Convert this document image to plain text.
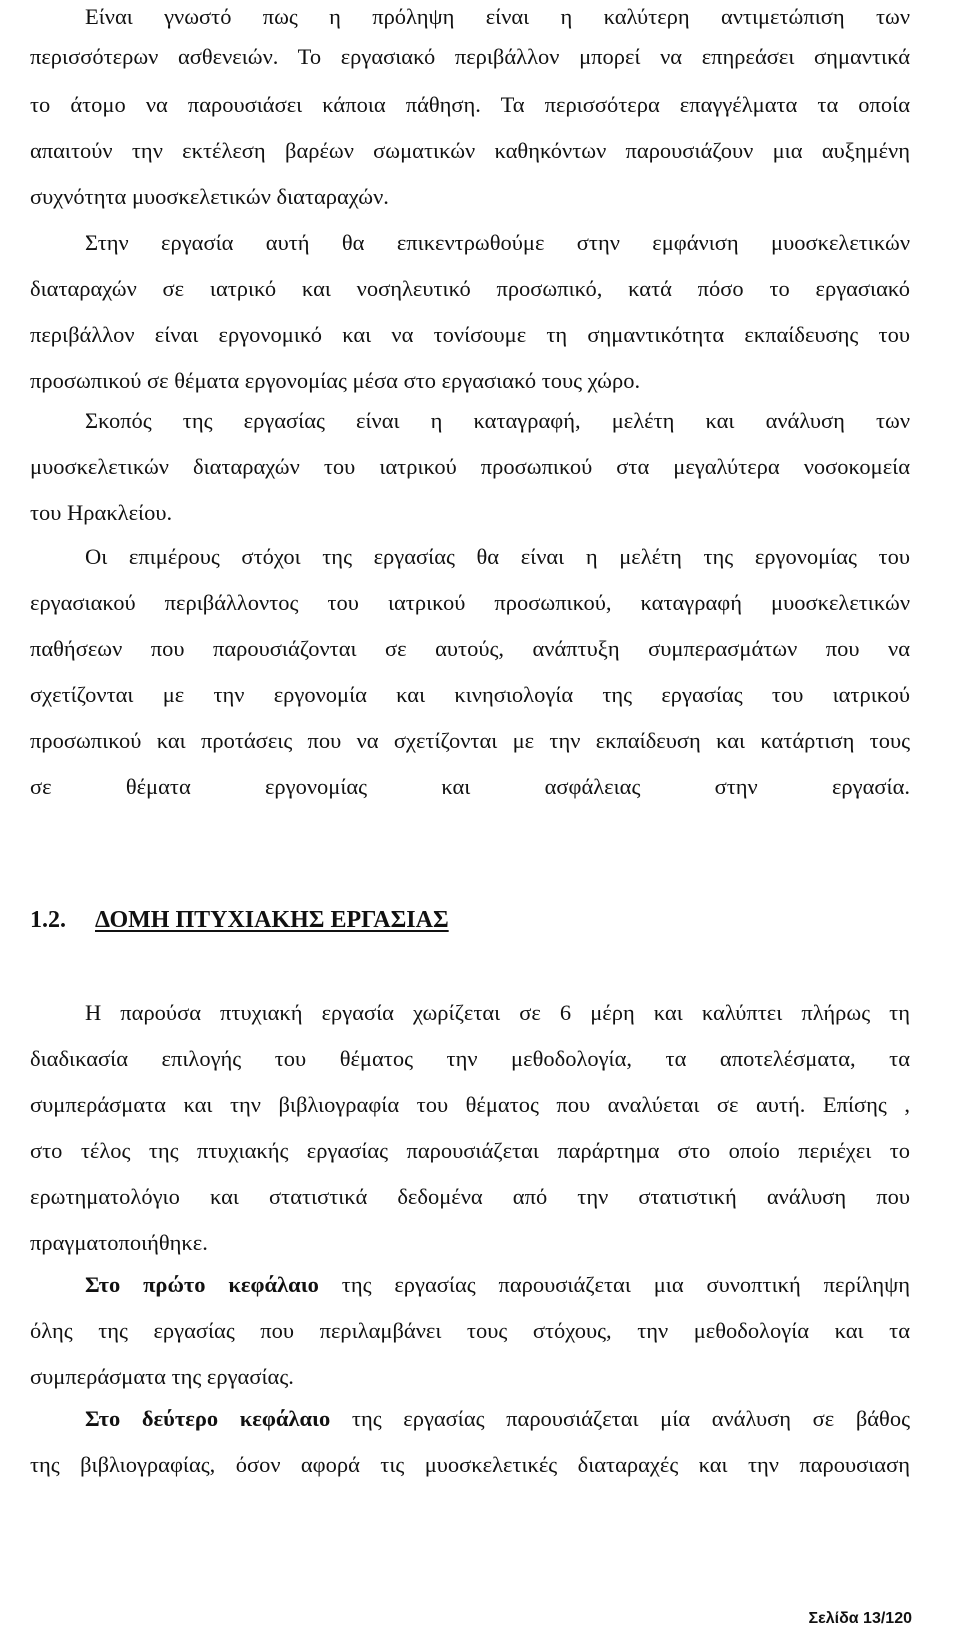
Είναι γνωστό πως η πρόληψη είναι η καλύτερη αντιμετώπιση των
περισσότερων ασθενειών. Το εργασιακό περιβάλλον μπορεί να επηρεάσει σημαντικά
το άτομο να παρουσιάσει κάποια πάθηση. Τα περισσότερα επαγγέλματα τα οποία
απαιτούν την εκτέλεση βαρέων σωματικών καθηκόντων παρουσιάζουν μια αυξημένη
συχνότητα μυοσκελετικών διαταραχών.
Στην εργασία αυτή θα επικεντρωθούμε στην εμφάνιση μυοσκελετικών
διαταραχών σε ιατρικό και νοσηλευτικό προσωπικό, κατά πόσο το εργασιακό
περιβάλλον είναι εργονομικό και να τονίσουμε τη σημαντικότητα εκπαίδευσης του
προσωπικού σε θέματα εργονομίας μέσα στο εργασιακό τους χώρο.
Σκοπός της εργασίας είναι η καταγραφή, μελέτη και ανάλυση των
μυοσκελετικών διαταραχών του ιατρικού προσωπικού στα μεγαλύτερα νοσοκομεία
του Ηρακλείου.
Οι επιμέρους στόχοι της εργασίας θα είναι η μελέτη της εργονομίας του
εργασιακού περιβάλλοντος του ιατρικού προσωπικού, καταγραφή μυοσκελετικών
παθήσεων που παρουσιάζονται σε αυτούς, ανάπτυξη συμπερασμάτων που να
σχετίζονται με την εργονομία και κινησιολογία της εργασίας του ιατρικού
προσωπικού και προτάσεις που να σχετίζονται με την εκπαίδευση και κατάρτιση τους
σε θέματα εργονομίας και ασφάλειας στην εργασία.
Η παρούσα πτυχιακή εργασία χωρίζεται σε 6 μέρη και καλύπτει πλήρως τη
διαδικασία επιλογής του θέματος την μεθοδολογία, τα αποτελέσματα, τα
συμπεράσματα και την βιβλιογραφία του θέματος που αναλύεται σε αυτή. Επίσης ,
στο τέλος της πτυχιακής εργασίας παρουσιάζεται παράρτημα στο οποίο περιέχει το
ερωτηματολόγιο και στατιστικά δεδομένα από την στατιστική ανάλυση που
πραγματοποιήθηκε.
Στο πρώτο κεφάλαιο της εργασίας παρουσιάζεται μια συνοπτική περίληψη
όλης της εργασίας που περιλαμβάνει τους στόχους, την μεθοδολογία και τα
συμπεράσματα της εργασίας.
Στο δεύτερο κεφάλαιο της εργασίας παρουσιάζεται μία ανάλυση σε βάθος
της βιβλιογραφίας, όσον αφορά τις μυοσκελετικές διαταραχές και την παρουσιαση
1.2. ΔΟΜΗ ΠΤΥΧΙΑΚΗΣ ΕΡΓΑΣΙΑΣ
Σελίδα 13/120
